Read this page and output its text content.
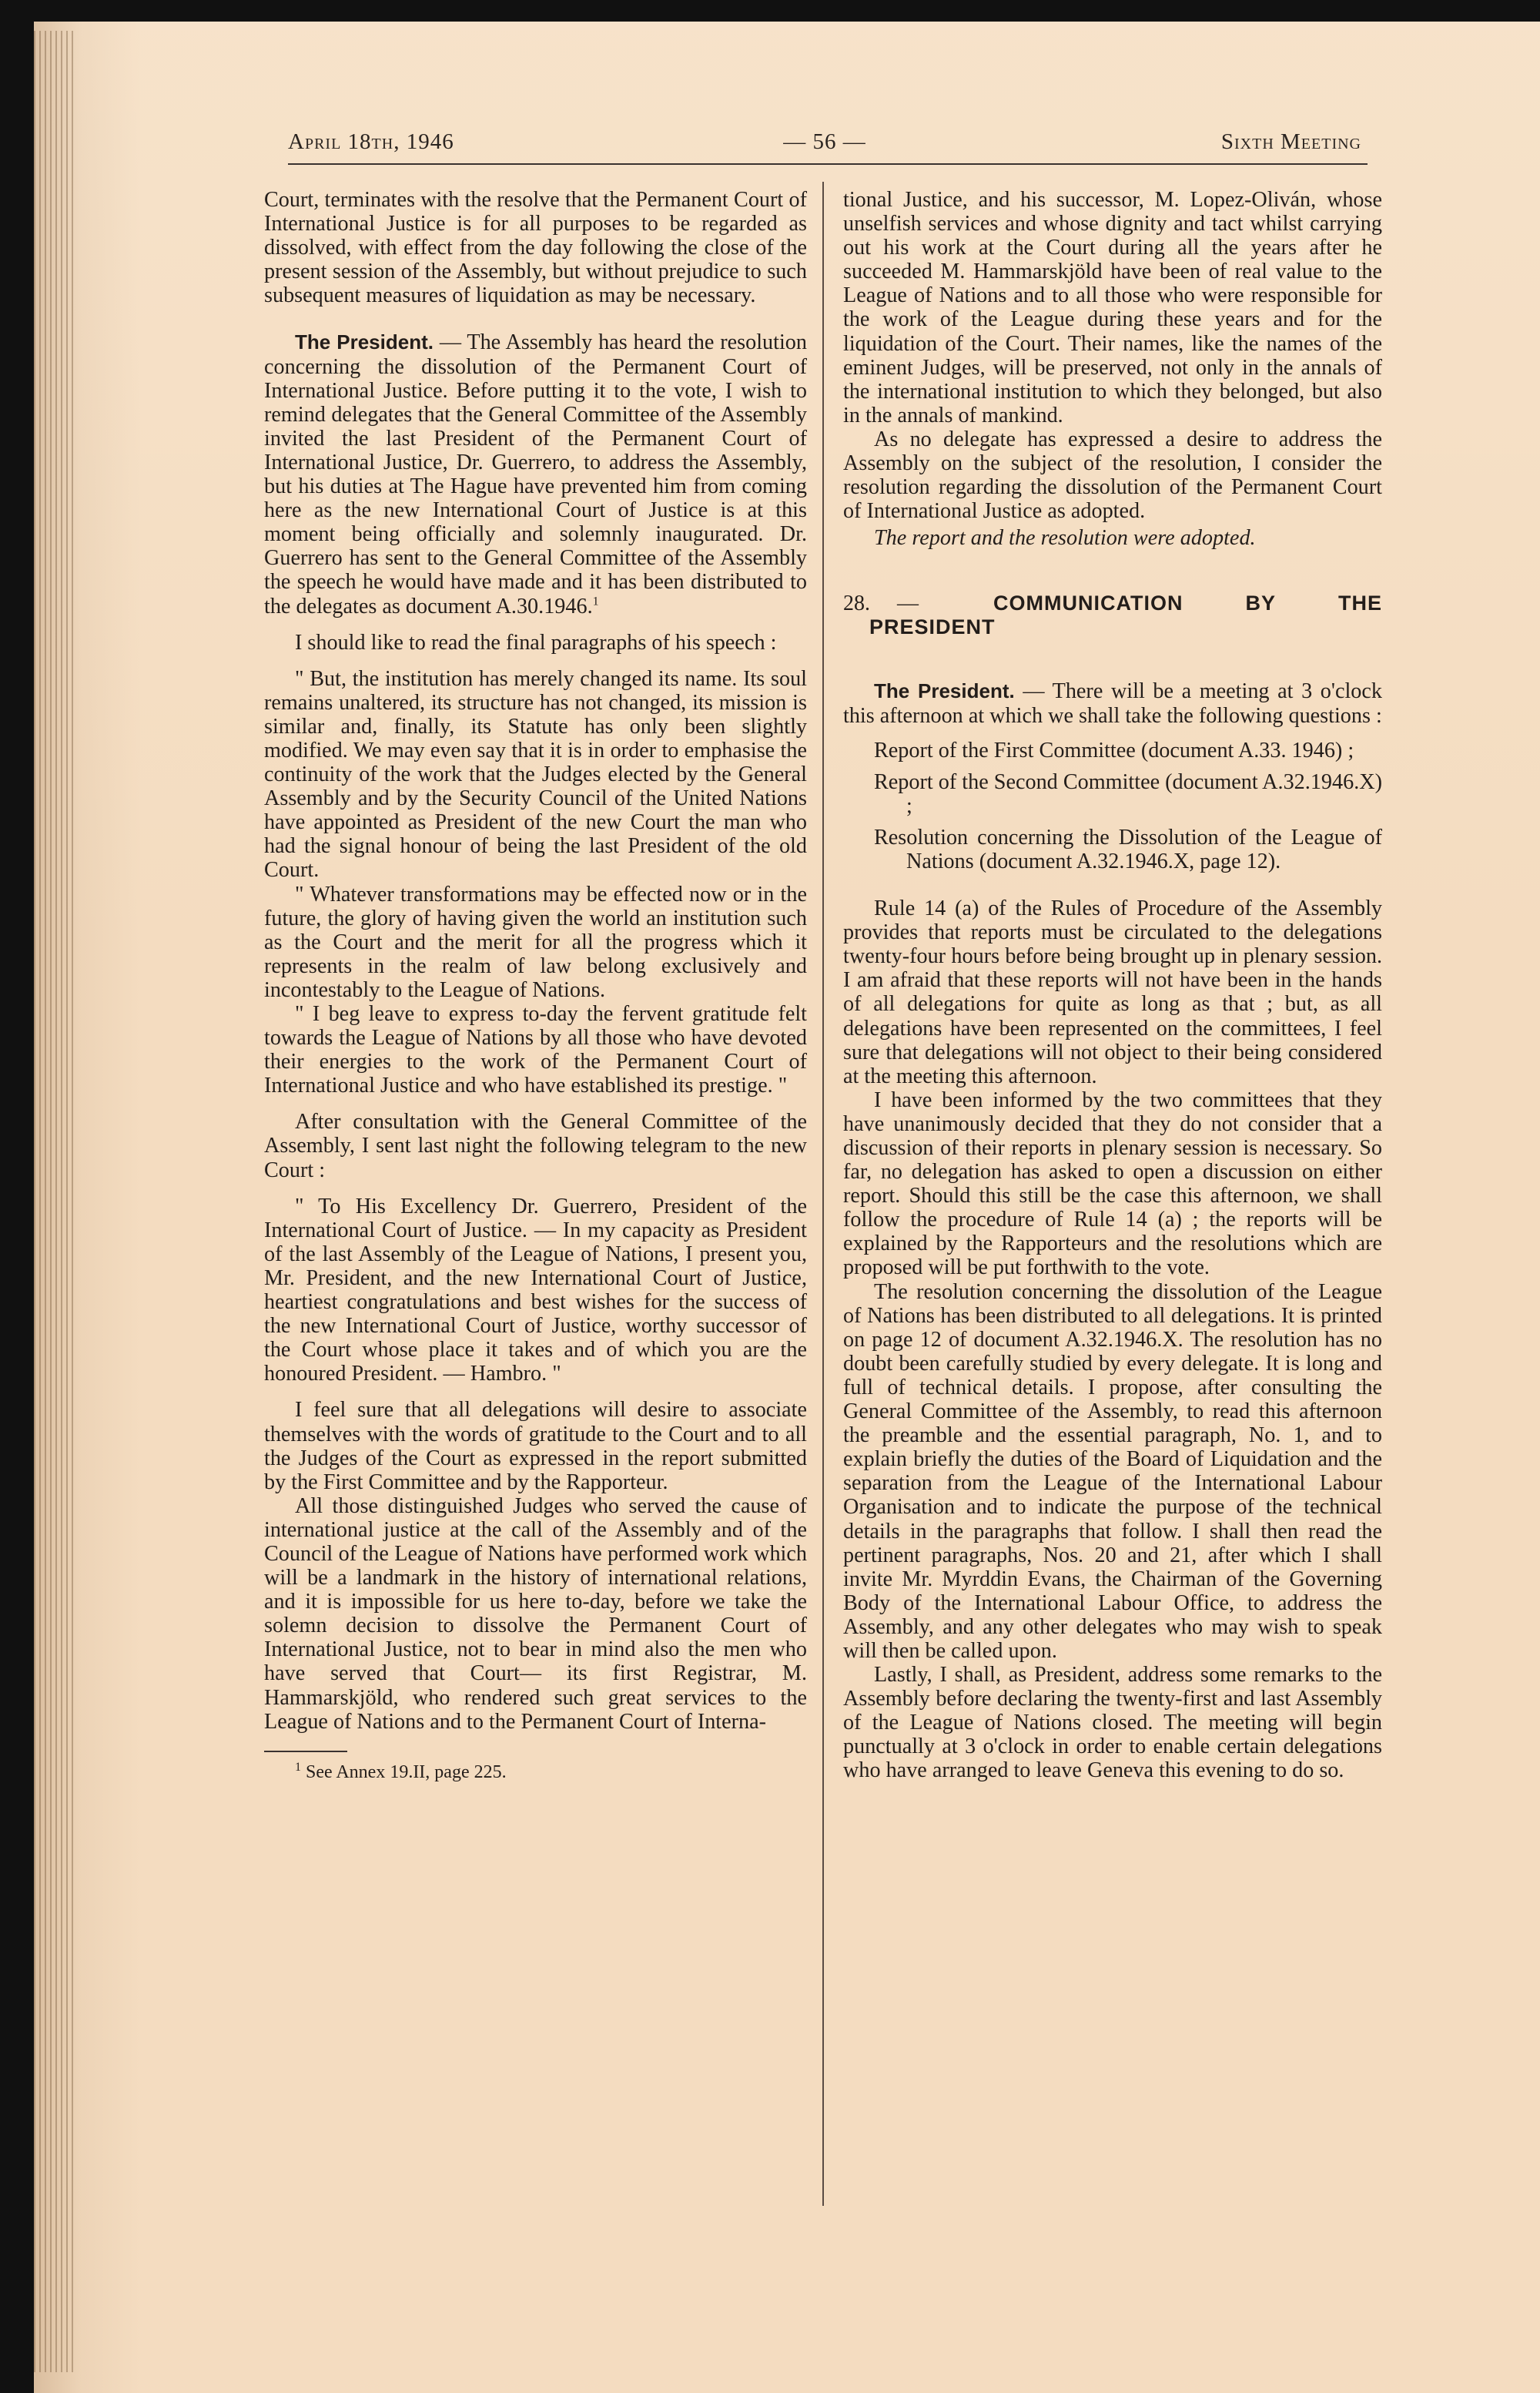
April 18th, 1946	— 56 —	Sixth Meeting

Court, terminates with the resolve that the Permanent Court of International Justice is for all purposes to be regarded as dissolved, with effect from the day following the close of the present session of the Assembly, but without prejudice to such subsequent measures of liquidation as may be necessary.

The President. — The Assembly has heard the resolution concerning the dissolution of the Permanent Court of International Justice. Before putting it to the vote, I wish to remind delegates that the General Committee of the Assembly invited the last President of the Permanent Court of International Justice, Dr. Guerrero, to address the Assembly, but his duties at The Hague have prevented him from coming here as the new International Court of Justice is at this moment being officially and solemnly inaugurated. Dr. Guerrero has sent to the General Committee of the Assembly the speech he would have made and it has been distributed to the delegates as document A.30.1946.$^1$

I should like to read the final paragraphs of his speech :

" But, the institution has merely changed its name. Its soul remains unaltered, its structure has not changed, its mission is similar and, finally, its Statute has only been slightly modified. We may even say that it is in order to emphasise the continuity of the work that the Judges elected by the General Assembly and by the Security Council of the United Nations have appointed as President of the new Court the man who had the signal honour of being the last President of the old Court.

" Whatever transformations may be effected now or in the future, the glory of having given the world an institution such as the Court and the merit for all the progress which it represents in the realm of law belong exclusively and incontestably to the League of Nations.

" I beg leave to express to-day the fervent gratitude felt towards the League of Nations by all those who have devoted their energies to the work of the Permanent Court of International Justice and who have established its prestige. "

After consultation with the General Committee of the Assembly, I sent last night the following telegram to the new Court :

" To His Excellency Dr. Guerrero, President of the International Court of Justice. — In my capacity as President of the last Assembly of the League of Nations, I present you, Mr. President, and the new International Court of Justice, heartiest congratulations and best wishes for the success of the new International Court of Justice, worthy successor of the Court whose place it takes and of which you are the honoured President. — Hambro. "

I feel sure that all delegations will desire to associate themselves with the words of gratitude to the Court and to all the Judges of the Court as expressed in the report submitted by the First Committee and by the Rapporteur.

All those distinguished Judges who served the cause of international justice at the call of the Assembly and of the Council of the League of Nations have performed work which will be a landmark in the history of international relations, and it is impossible for us here to-day, before we take the solemn decision to dissolve the Permanent Court of International Justice, not to bear in mind also the men who have served that Court— its first Registrar, M. Hammarskjöld, who rendered such great services to the League of Nations and to the Permanent Court of Interna-

$^1$ See Annex 19.II, page 225.

tional Justice, and his successor, M. Lopez-Oliván, whose unselfish services and whose dignity and tact whilst carrying out his work at the Court during all the years after he succeeded M. Hammarskjöld have been of real value to the League of Nations and to all those who were responsible for the work of the League during these years and for the liquidation of the Court. Their names, like the names of the eminent Judges, will be preserved, not only in the annals of the international institution to which they belonged, but also in the annals of mankind.

As no delegate has expressed a desire to address the Assembly on the subject of the resolution, I consider the resolution regarding the dissolution of the Permanent Court of International Justice as adopted.

The report and the resolution were adopted.

28. —	COMMUNICATION	BY	THE
PRESIDENT

The President. — There will be a meeting at 3 o'clock this afternoon at which we shall take the following questions :

Report of the First Committee (document A.33. 1946) ;

Report of the Second Committee (document A.32.1946.X) ;

Resolution concerning the Dissolution of the League of Nations (document A.32.1946.X, page 12).

Rule 14 (a) of the Rules of Procedure of the Assembly provides that reports must be circulated to the delegations twenty-four hours before being brought up in plenary session. I am afraid that these reports will not have been in the hands of all delegations for quite as long as that ; but, as all delegations have been represented on the committees, I feel sure that delegations will not object to their being considered at the meeting this afternoon.

I have been informed by the two committees that they have unanimously decided that they do not consider that a discussion of their reports in plenary session is necessary. So far, no delegation has asked to open a discussion on either report. Should this still be the case this afternoon, we shall follow the procedure of Rule 14 (a) ; the reports will be explained by the Rapporteurs and the resolutions which are proposed will be put forthwith to the vote.

The resolution concerning the dissolution of the League of Nations has been distributed to all delegations. It is printed on page 12 of document A.32.1946.X. The resolution has no doubt been carefully studied by every delegate. It is long and full of technical details. I propose, after consulting the General Committee of the Assembly, to read this afternoon the preamble and the essential paragraph, No. 1, and to explain briefly the duties of the Board of Liquidation and the separation from the League of the International Labour Organisation and to indicate the purpose of the technical details in the paragraphs that follow. I shall then read the pertinent paragraphs, Nos. 20 and 21, after which I shall invite Mr. Myrddin Evans, the Chairman of the Governing Body of the International Labour Office, to address the Assembly, and any other delegates who may wish to speak will then be called upon.

Lastly, I shall, as President, address some remarks to the Assembly before declaring the twenty-first and last Assembly of the League of Nations closed. The meeting will begin punctually at 3 o'clock in order to enable certain delegations who have arranged to leave Geneva this evening to do so.
